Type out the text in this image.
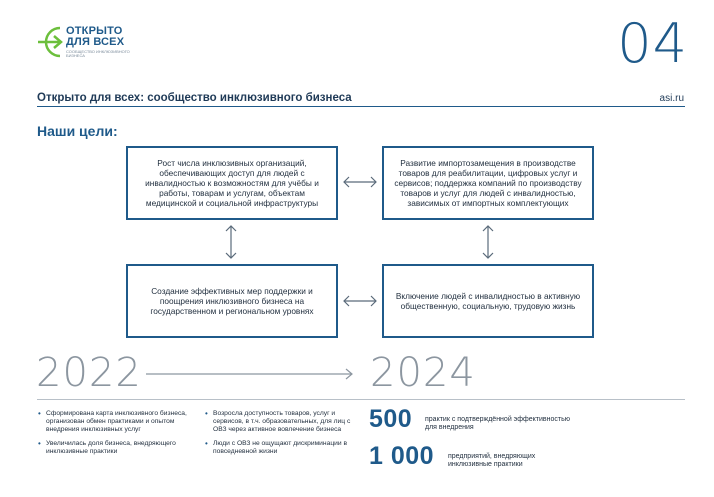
ОТКРЫТО
ДЛЯ ВСЕХ
СООБЩЕСТВО ИНКЛЮЗИВНОГО БИЗНЕСА	04
Открыто для всех: сообщество инклюзивного бизнеса	asi.ru
Наши цели:
Рост числа инклюзивных организаций, обеспечивающих доступ для людей с инвалидностью к возможностям для учёбы и работы, товарам и услугам, объектам медицинской и социальной инфраструктуры
Развитие импортозамещения в производстве товаров для реабилитации, цифровых услуг и сервисов; поддержка компаний по производству товаров и услуг для людей с инвалидностью, зависимых от импортных комплектующих
Создание эффективных мер поддержки и поощрения инклюзивного бизнеса на государственном и региональном уровнях
Включение людей с инвалидностью в активную общественную, социальную, трудовую жизнь
2022	2024
• Сформирована карта инклюзивного бизнеса, организован обмен практиками и опытом внедрения инклюзивных услуг
• Увеличилась доля бизнеса, внедряющего инклюзивные практики
• Возросла доступность товаров, услуг и сервисов, в т.ч. образовательных, для лиц с ОВЗ через активное вовлечение бизнеса
• Люди с ОВЗ не ощущают дискриминации в повседневной жизни
500 практик с подтверждённой эффективностью для внедрения
1 000 предприятий, внедряющих инклюзивные практики
